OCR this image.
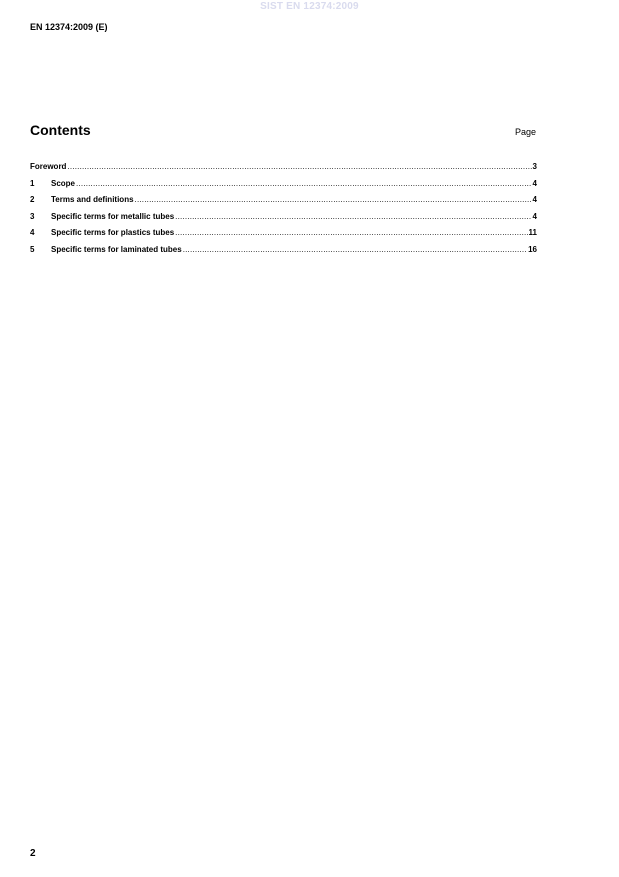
SIST EN 12374:2009
EN 12374:2009 (E)
Contents	Page
Foreword .....	3
1	Scope .....	4
2	Terms and definitions .....	4
3	Specific terms for metallic tubes .....	4
4	Specific terms for plastics tubes .....	11
5	Specific terms for laminated tubes .....	16
2
